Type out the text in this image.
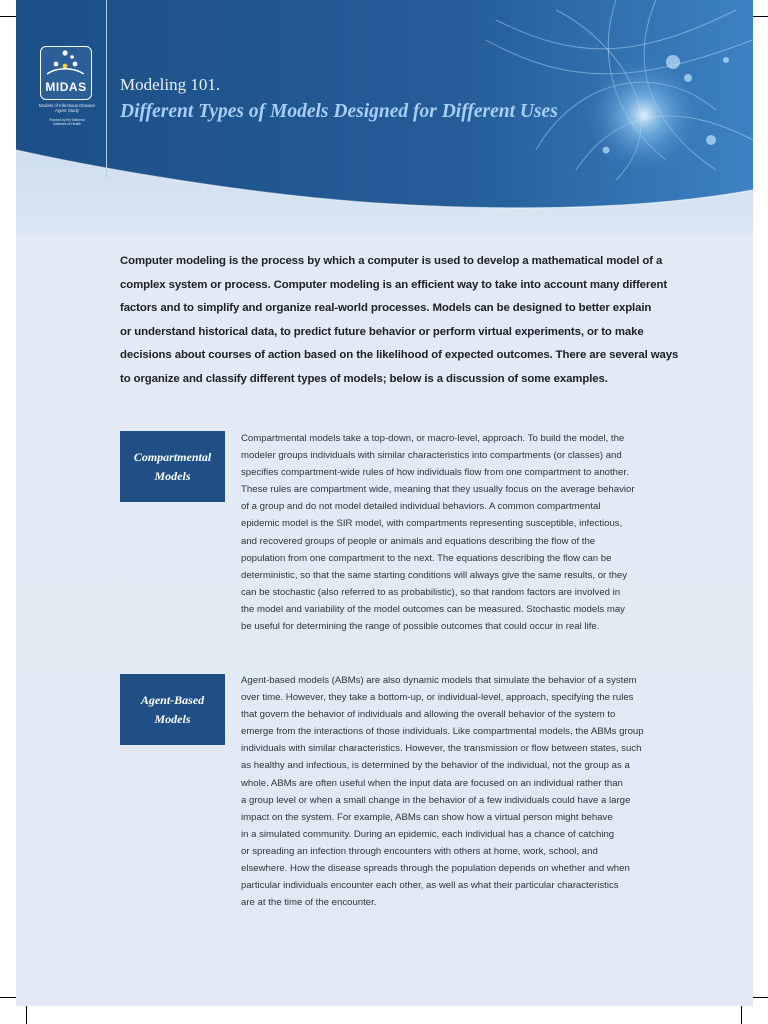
MIDAS
Models of Infectious Disease Agent Study
Funded by the National Institutes of Health
Modeling 101.
Different Types of Models Designed for Different Uses
Computer modeling is the process by which a computer is used to develop a mathematical model of a
complex system or process. Computer modeling is an efficient way to take into account many different
factors and to simplify and organize real-world processes. Models can be designed to better explain
or understand historical data, to predict future behavior or perform virtual experiments, or to make
decisions about courses of action based on the likelihood of expected outcomes. There are several ways
to organize and classify different types of models; below is a discussion of some examples.
Compartmental
Models
Compartmental models take a top-down, or macro-level, approach. To build the model, the
modeler groups individuals with similar characteristics into compartments (or classes) and
specifies compartment-wide rules of how individuals flow from one compartment to another.
These rules are compartment wide, meaning that they usually focus on the average behavior
of a group and do not model detailed individual behaviors. A common compartmental
epidemic model is the SIR model, with compartments representing susceptible, infectious,
and recovered groups of people or animals and equations describing the flow of the
population from one compartment to the next. The equations describing the flow can be
deterministic, so that the same starting conditions will always give the same results, or they
can be stochastic (also referred to as probabilistic), so that random factors are involved in
the model and variability of the model outcomes can be measured. Stochastic models may
be useful for determining the range of possible outcomes that could occur in real life.
Agent-Based
Models
Agent-based models (ABMs) are also dynamic models that simulate the behavior of a system
over time. However, they take a bottom-up, or individual-level, approach, specifying the rules
that govern the behavior of individuals and allowing the overall behavior of the system to
emerge from the interactions of those individuals. Like compartmental models, the ABMs group
individuals with similar characteristics. However, the transmission or flow between states, such
as healthy and infectious, is determined by the behavior of the individual, not the group as a
whole. ABMs are often useful when the input data are focused on an individual rather than
a group level or when a small change in the behavior of a few individuals could have a large
impact on the system. For example, ABMs can show how a virtual person might behave
in a simulated community. During an epidemic, each individual has a chance of catching
or spreading an infection through encounters with others at home, work, school, and
elsewhere. How the disease spreads through the population depends on whether and when
particular individuals encounter each other, as well as what their particular characteristics
are at the time of the encounter.
